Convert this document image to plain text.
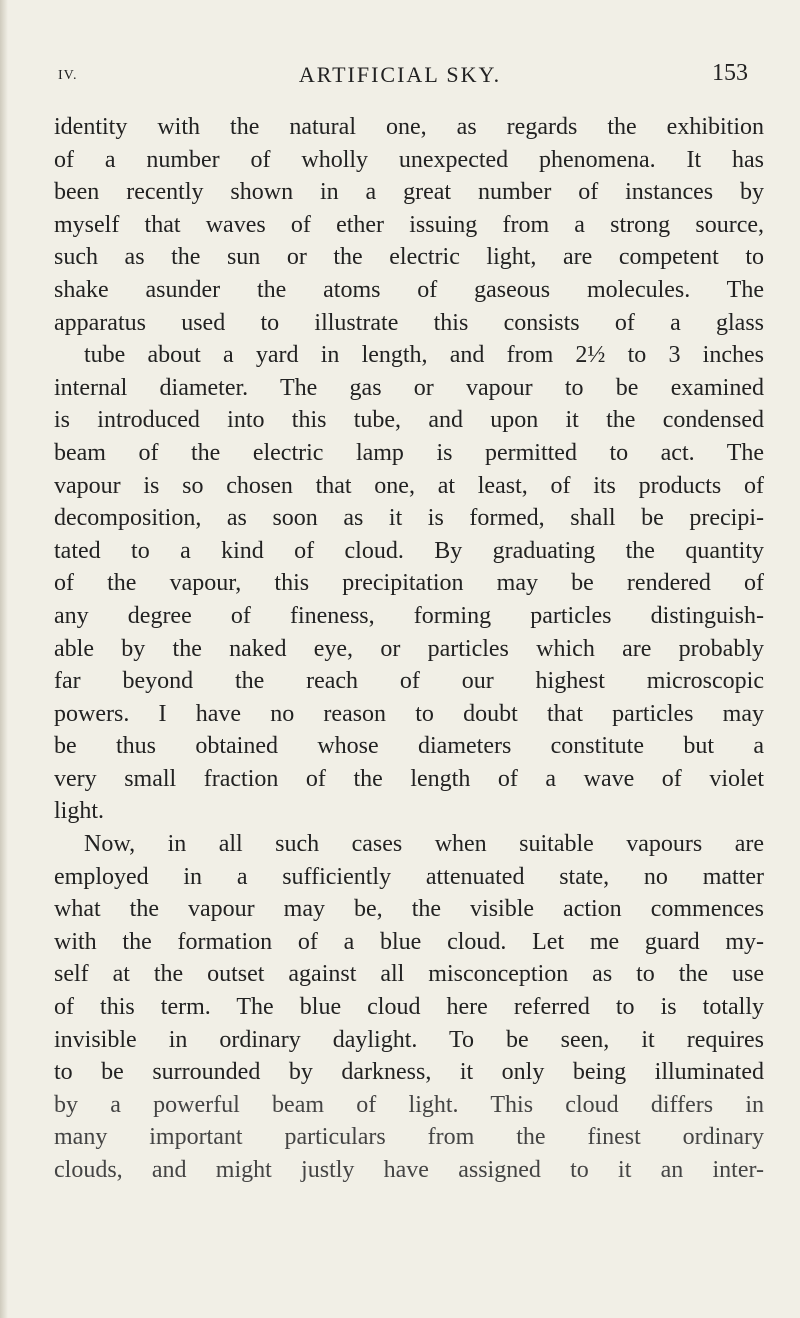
IV.	ARTIFICIAL SKY.	153
identity with the natural one, as regards the exhibition
of a number of wholly unexpected phenomena. It has
been recently shown in a great number of instances by
myself that waves of ether issuing from a strong source,
such as the sun or the electric light, are competent to
shake asunder the atoms of gaseous molecules. The
apparatus used to illustrate this consists of a glass
tube about a yard in length, and from 2½ to 3 inches
internal diameter. The gas or vapour to be examined
is introduced into this tube, and upon it the condensed
beam of the electric lamp is permitted to act. The
vapour is so chosen that one, at least, of its products of
decomposition, as soon as it is formed, shall be precipi-
tated to a kind of cloud. By graduating the quantity
of the vapour, this precipitation may be rendered of
any degree of fineness, forming particles distinguish-
able by the naked eye, or particles which are probably
far beyond the reach of our highest microscopic
powers. I have no reason to doubt that particles may
be thus obtained whose diameters constitute but a
very small fraction of the length of a wave of violet
light.
Now, in all such cases when suitable vapours are
employed in a sufficiently attenuated state, no matter
what the vapour may be, the visible action commences
with the formation of a blue cloud. Let me guard my-
self at the outset against all misconception as to the use
of this term. The blue cloud here referred to is totally
invisible in ordinary daylight. To be seen, it requires
to be surrounded by darkness, it only being illuminated
by a powerful beam of light. This cloud differs in
many important particulars from the finest ordinary
clouds, and might justly have assigned to it an inter-
